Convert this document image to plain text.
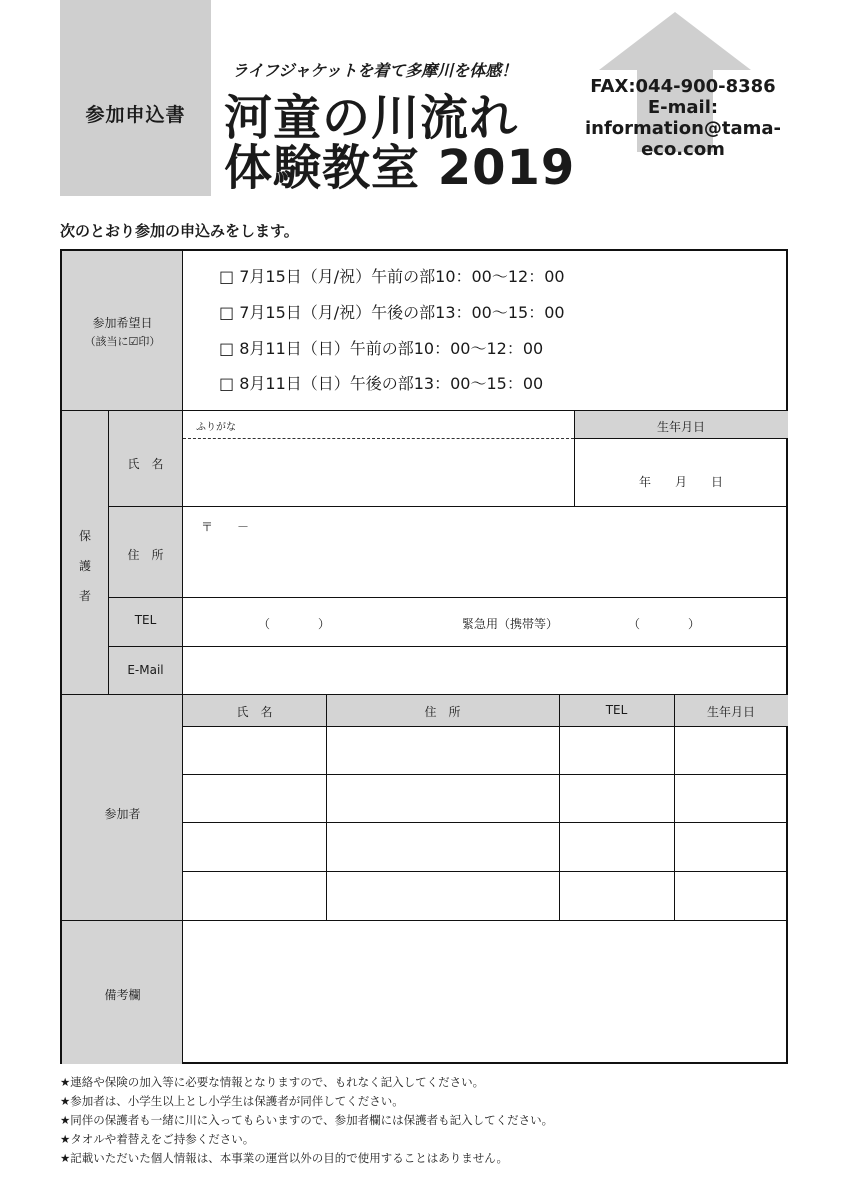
参加申込書
ライフジャケットを着て多摩川を体感！
河童の川流れ
体験教室 2019
FAX:044-900-8386
E-mail:
information@tama-eco.com
次のとおり参加の申込みをします。
参加希望日
（該当に☑印）
□ 7月15日（月/祝）午前の部10：00～12：00
□ 7月15日（月/祝）午後の部13：00～15：00
□ 8月11日（日）午前の部10：00～12：00
□ 8月11日（日）午後の部13：00～15：00
保護者
氏　名
ふりがな	生年月日
年　　月　　日
住　所
〒　　－
TEL	（　　　　）	緊急用（携帯等）	（　　　　）
E-Mail
参加者
氏　名	住　所	TEL	生年月日
備考欄
★連絡や保険の加入等に必要な情報となりますので、もれなく記入してください。
★参加者は、小学生以上とし小学生は保護者が同伴してください。
★同伴の保護者も一緒に川に入ってもらいますので、参加者欄には保護者も記入してください。
★タオルや着替えをご持参ください。
★記載いただいた個人情報は、本事業の運営以外の目的で使用することはありません。
